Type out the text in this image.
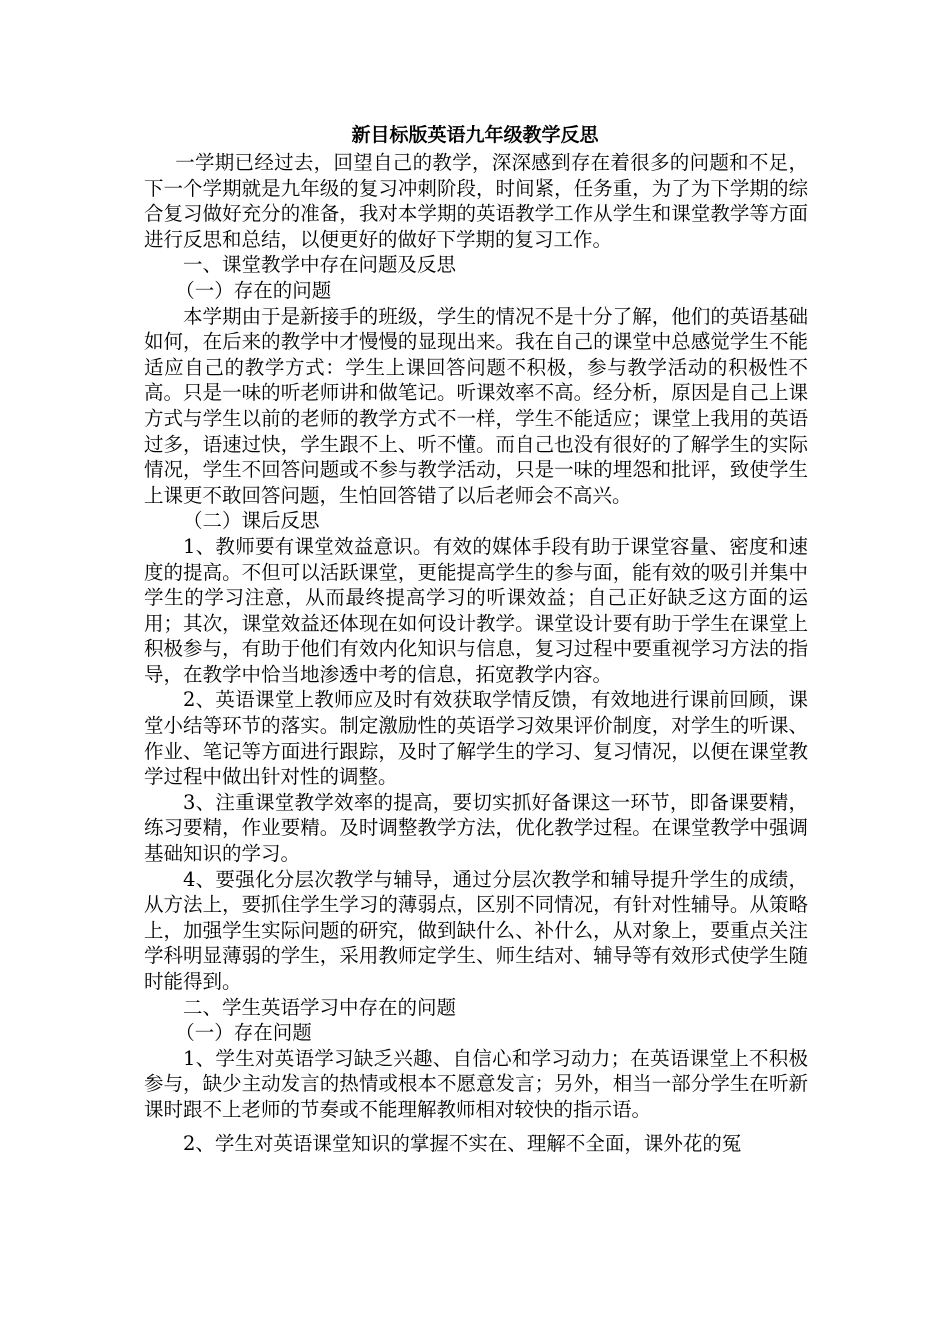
新目标版英语九年级教学反思

一学期已经过去，回望自己的教学，深深感到存在着很多的问题和不足，下一个学期就是九年级的复习冲刺阶段，时间紧，任务重，为了为下学期的综合复习做好充分的准备，我对本学期的英语教学工作从学生和课堂教学等方面进行反思和总结，以便更好的做好下学期的复习工作。

一、课堂教学中存在问题及反思

（一）存在的问题

本学期由于是新接手的班级，学生的情况不是十分了解，他们的英语基础如何，在后来的教学中才慢慢的显现出来。我在自己的课堂中总感觉学生不能适应自己的教学方式：学生上课回答问题不积极，参与教学活动的积极性不高。只是一味的听老师讲和做笔记。听课效率不高。经分析，原因是自己上课方式与学生以前的老师的教学方式不一样，学生不能适应；课堂上我用的英语过多，语速过快，学生跟不上、听不懂。而自己也没有很好的了解学生的实际情况，学生不回答问题或不参与教学活动，只是一味的埋怨和批评，致使学生上课更不敢回答问题，生怕回答错了以后老师会不高兴。

（二）课后反思

1、教师要有课堂效益意识。有效的媒体手段有助于课堂容量、密度和速度的提高。不但可以活跃课堂，更能提高学生的参与面，能有效的吸引并集中学生的学习注意，从而最终提高学习的听课效益；自己正好缺乏这方面的运用；其次，课堂效益还体现在如何设计教学。课堂设计要有助于学生在课堂上积极参与，有助于他们有效内化知识与信息，复习过程中要重视学习方法的指导，在教学中恰当地渗透中考的信息，拓宽教学内容。

2、英语课堂上教师应及时有效获取学情反馈，有效地进行课前回顾，课堂小结等环节的落实。制定激励性的英语学习效果评价制度，对学生的听课、作业、笔记等方面进行跟踪，及时了解学生的学习、复习情况，以便在课堂教学过程中做出针对性的调整。

3、注重课堂教学效率的提高，要切实抓好备课这一环节，即备课要精，练习要精，作业要精。及时调整教学方法，优化教学过程。在课堂教学中强调基础知识的学习。

4、要强化分层次教学与辅导，通过分层次教学和辅导提升学生的成绩，从方法上，要抓住学生学习的薄弱点，区别不同情况，有针对性辅导。从策略上，加强学生实际问题的研究，做到缺什么、补什么，从对象上，要重点关注学科明显薄弱的学生，采用教师定学生、师生结对、辅导等有效形式使学生随时能得到。

二、学生英语学习中存在的问题

（一）存在问题

1、学生对英语学习缺乏兴趣、自信心和学习动力；在英语课堂上不积极参与，缺少主动发言的热情或根本不愿意发言；另外，相当一部分学生在听新课时跟不上老师的节奏或不能理解教师相对较快的指示语。

2、学生对英语课堂知识的掌握不实在、理解不全面，课外花的冤
